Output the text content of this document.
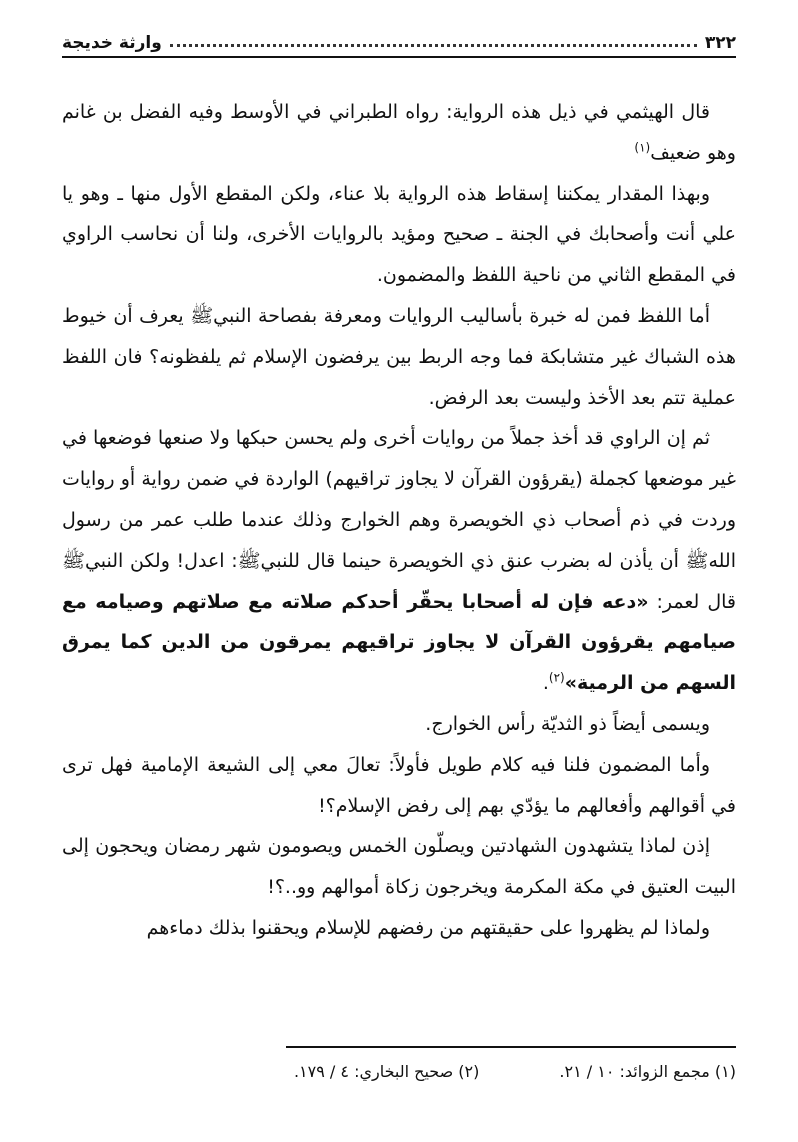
٣٢٢
وارثة خديجة

قال الهيثمي في ذيل هذه الرواية: رواه الطبراني في الأوسط وفيه الفضل بن غانم وهو ضعيف$^{(١)}$

وبهذا المقدار يمكننا إسقاط هذه الرواية بلا عناء، ولكن المقطع الأول منها ـ وهو يا علي أنت وأصحابك في الجنة ـ صحيح ومؤيد بالروايات الأخرى، ولنا أن نحاسب الراوي في المقطع الثاني من ناحية اللفظ والمضمون.

أما اللفظ فمن له خبرة بأساليب الروايات ومعرفة بفصاحة النبيﷺ يعرف أن خيوط هذه الشباك غير متشابكة فما وجه الربط بين يرفضون الإسلام ثم يلفظونه؟ فان اللفظ عملية تتم بعد الأخذ وليست بعد الرفض.

ثم إن الراوي قد أخذ جملاً من روايات أخرى ولم يحسن حبكها ولا صنعها فوضعها في غير موضعها كجملة (يقرؤون القرآن لا يجاوز تراقيهم) الواردة في ضمن رواية أو روايات وردت في ذم أصحاب ذي الخويصرة وهم الخوارج وذلك عندما طلب عمر من رسول اللهﷺ أن يأذن له بضرب عنق ذي الخويصرة حينما قال للنبيﷺ: اعدل! ولكن النبيﷺ قال لعمر: «دعه فإن له أصحابا يحقّر أحدكم صلاته مع صلاتهم وصيامه مع صيامهم يقرؤون القرآن لا يجاوز تراقيهم يمرقون من الدين كما يمرق السهم من الرمية»$^{(٢)}$.

ويسمى أيضاً ذو الثديّة رأس الخوارج.

وأما المضمون فلنا فيه كلام طويل فأولاً: تعالَ معي إلى الشيعة الإمامية فهل ترى في أقوالهم وأفعالهم ما يؤدّي بهم إلى رفض الإسلام؟!

إذن لماذا يتشهدون الشهادتين ويصلّون الخمس ويصومون شهر رمضان ويحجون إلى البيت العتيق في مكة المكرمة ويخرجون زكاة أموالهم وو..؟!

ولماذا لم يظهروا على حقيقتهم من رفضهم للإسلام ويحقنوا بذلك دماءهم

(١) مجمع الزوائد: ١٠ / ٢١.
(٢) صحيح البخاري: ٤ / ١٧٩.
